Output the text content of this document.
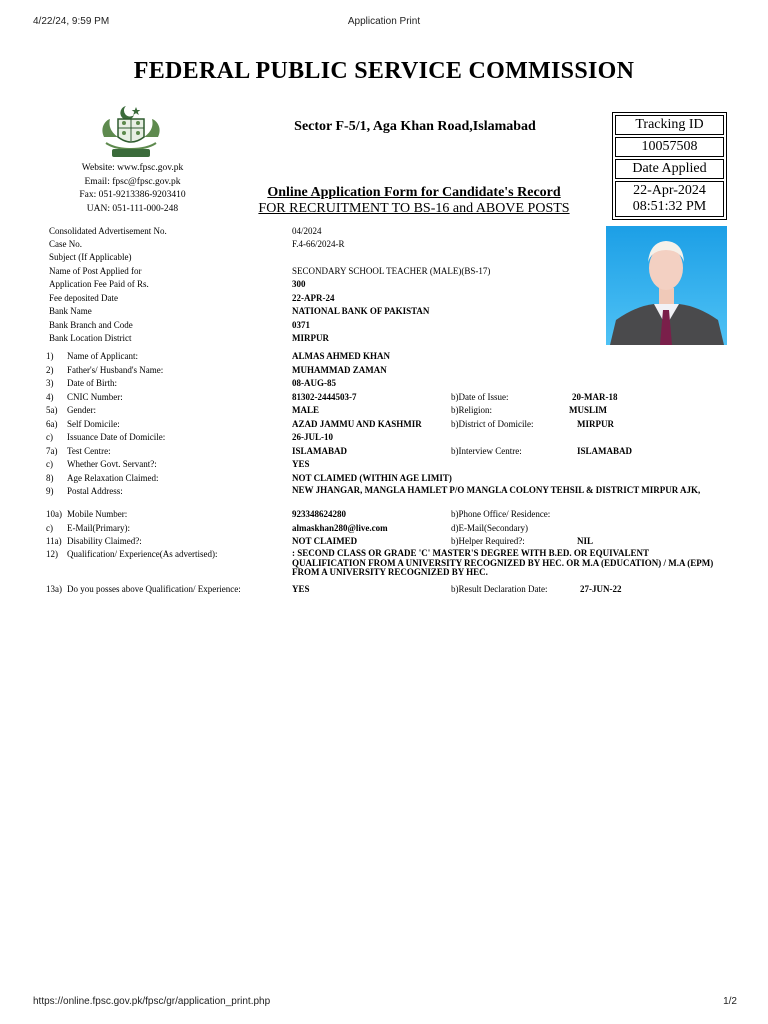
4/22/24, 9:59 PM	Application Print
FEDERAL PUBLIC SERVICE COMMISSION
Website: www.fpsc.gov.pk
Email: fpsc@fpsc.gov.pk
Fax: 051-9213386-9203410
UAN: 051-111-000-248
Sector F-5/1, Aga Khan Road,Islamabad
Online Application Form for Candidate's Record
FOR RECRUITMENT TO BS-16 and ABOVE POSTS
Tracking ID
10057508
Date Applied
22-Apr-2024
08:51:32 PM
Consolidated Advertisement No.	04/2024
Case No.	F.4-66/2024-R
Subject (If Applicable)
Name of Post Applied for	SECONDARY SCHOOL TEACHER (MALE)(BS-17)
Application Fee Paid of Rs.	300
Fee deposited Date	22-APR-24
Bank Name	NATIONAL BANK OF PAKISTAN
Bank Branch and Code	0371
Bank Location District	MIRPUR
1) Name of Applicant:	ALMAS AHMED KHAN
2) Father's/ Husband's Name:	MUHAMMAD ZAMAN
3) Date of Birth:	08-AUG-85
4) CNIC Number:	81302-2444503-7	b)Date of Issue:	20-MAR-18
5a) Gender:	MALE	b)Religion:	MUSLIM
6a) Self Domicile:	AZAD JAMMU AND KASHMIR	b)District of Domicile:	MIRPUR
c) Issuance Date of Domicile:	26-JUL-10
7a) Test Centre:	ISLAMABAD	b)Interview Centre:	ISLAMABAD
c) Whether Govt. Servant?:	YES
8) Age Relaxation Claimed:	NOT CLAIMED (WITHIN AGE LIMIT)
9) Postal Address:	NEW JHANGAR, MANGLA HAMLET P/O MANGLA COLONY TEHSIL & DISTRICT MIRPUR AJK,
10a) Mobile Number:	923348624280	b)Phone Office/ Residence:
c) E-Mail(Primary):	almaskhan280@live.com	d)E-Mail(Secondary)
11a) Disability Claimed?:	NOT CLAIMED	b)Helper Required?:	NIL
12) Qualification/ Experience(As advertised):	: SECOND CLASS OR GRADE 'C' MASTER'S DEGREE WITH B.ED. OR EQUIVALENT QUALIFICATION FROM A UNIVERSITY RECOGNIZED BY HEC. OR M.A (EDUCATION) / M.A (EPM) FROM A UNIVERSITY RECOGNIZED BY HEC.
13a) Do you posses above Qualification/ Experience:	YES	b)Result Declaration Date:	27-JUN-22
https://online.fpsc.gov.pk/fpsc/gr/application_print.php	1/2
